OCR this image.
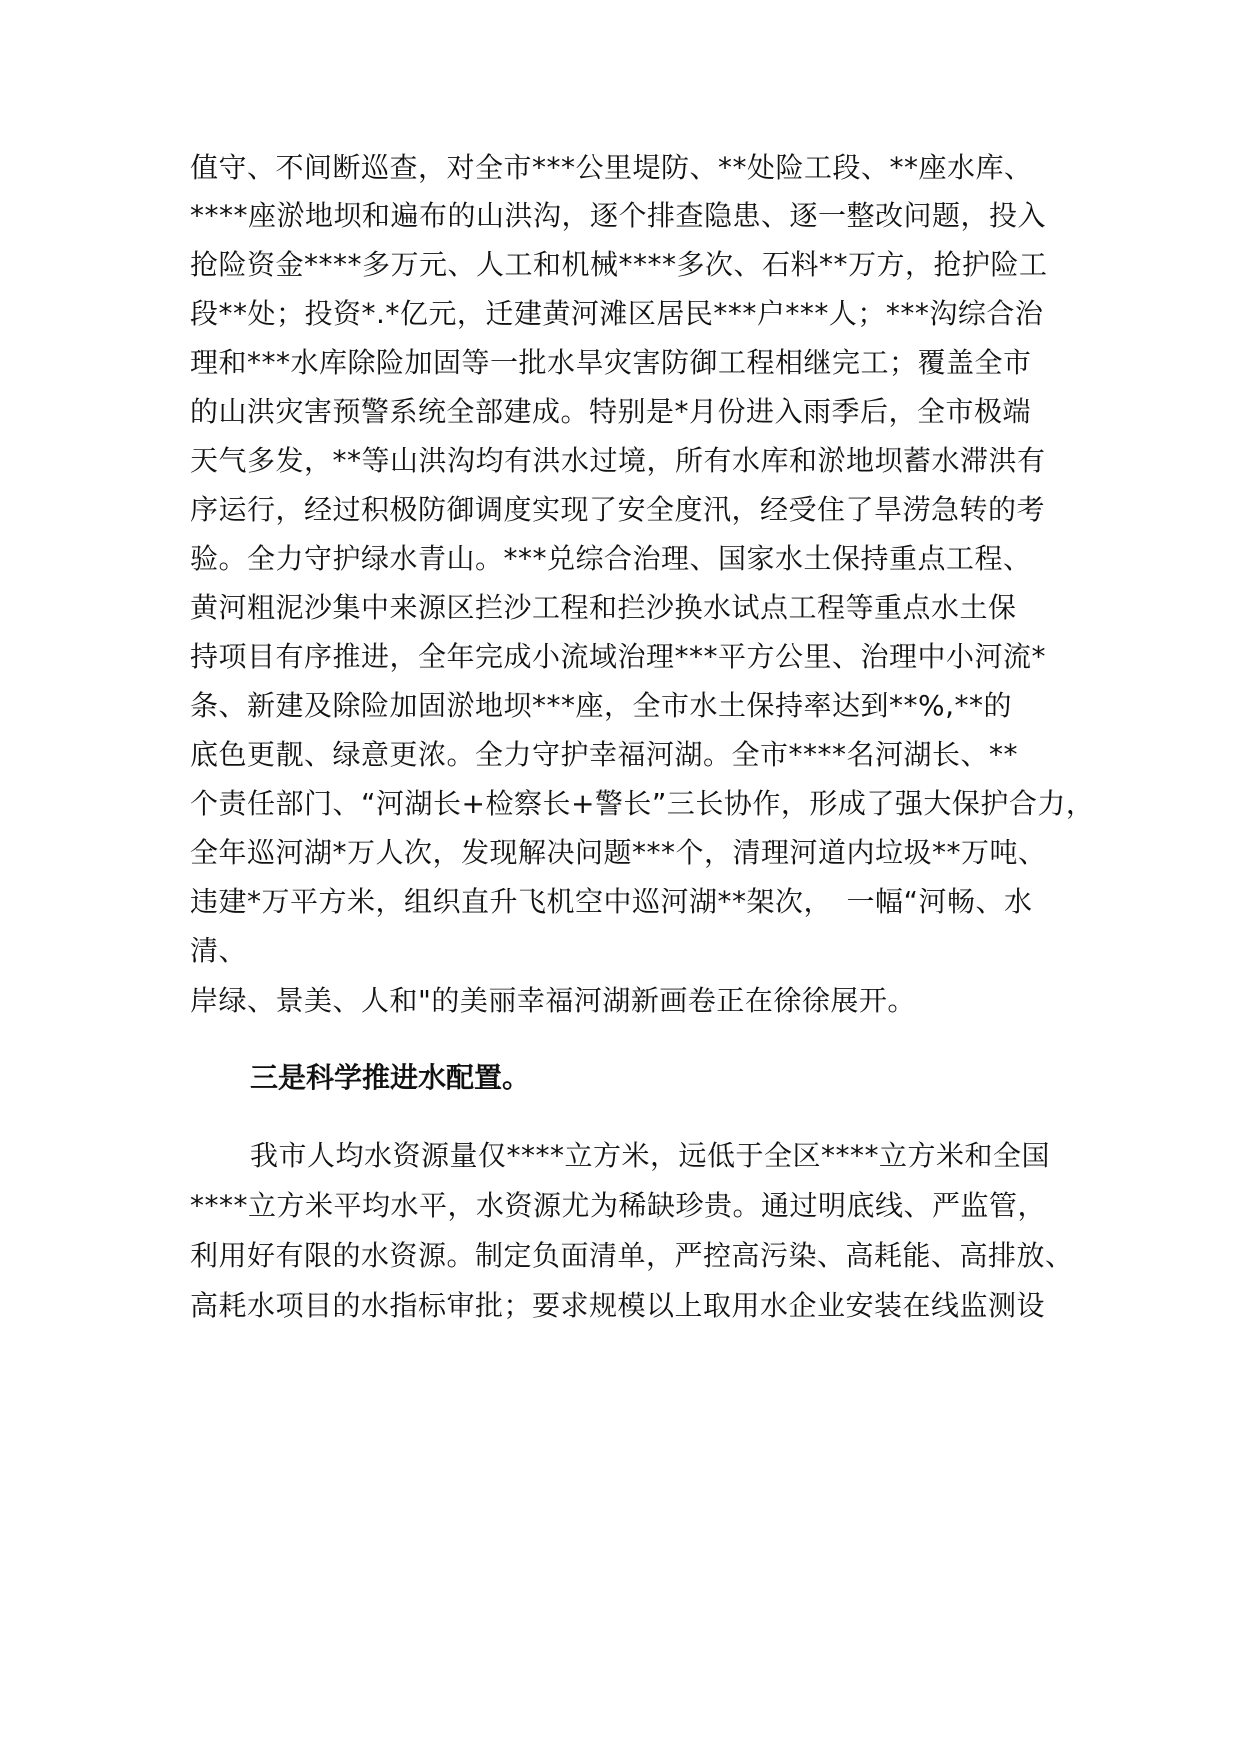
值守、不间断巡查，对全市***公里堤防、**处险工段、**座水库、
****座淤地坝和遍布的山洪沟，逐个排查隐患、逐一整改问题，投入
抢险资金****多万元、人工和机械****多次、石料**万方，抢护险工
段**处；投资*.*亿元，迁建黄河滩区居民***户***人；***沟综合治
理和***水库除险加固等一批水旱灾害防御工程相继完工；覆盖全市
的山洪灾害预警系统全部建成。特别是*月份进入雨季后，全市极端
天气多发，**等山洪沟均有洪水过境，所有水库和淤地坝蓄水滞洪有
序运行，经过积极防御调度实现了安全度汛，经受住了旱涝急转的考
验。全力守护绿水青山。***兑综合治理、国家水土保持重点工程、
黄河粗泥沙集中来源区拦沙工程和拦沙换水试点工程等重点水土保
持项目有序推进，全年完成小流域治理***平方公里、治理中小河流*
条、新建及除险加固淤地坝***座，全市水土保持率达到**%,**的
底色更靓、绿意更浓。全力守护幸福河湖。全市****名河湖长、**
个责任部门、“河湖长+检察长+警长”三长协作，形成了强大保护合力，
全年巡河湖*万人次，发现解决问题***个，清理河道内垃圾**万吨、
违建*万平方米，组织直升飞机空中巡河湖**架次，　一幅“河畅、水
清、
岸绿、景美、人和"的美丽幸福河湖新画卷正在徐徐展开。
三是科学推进水配置。
我市人均水资源量仅****立方米，远低于全区****立方米和全国
****立方米平均水平，水资源尤为稀缺珍贵。通过明底线、严监管，
利用好有限的水资源。制定负面清单，严控高污染、高耗能、高排放、
高耗水项目的水指标审批；要求规模以上取用水企业安装在线监测设
